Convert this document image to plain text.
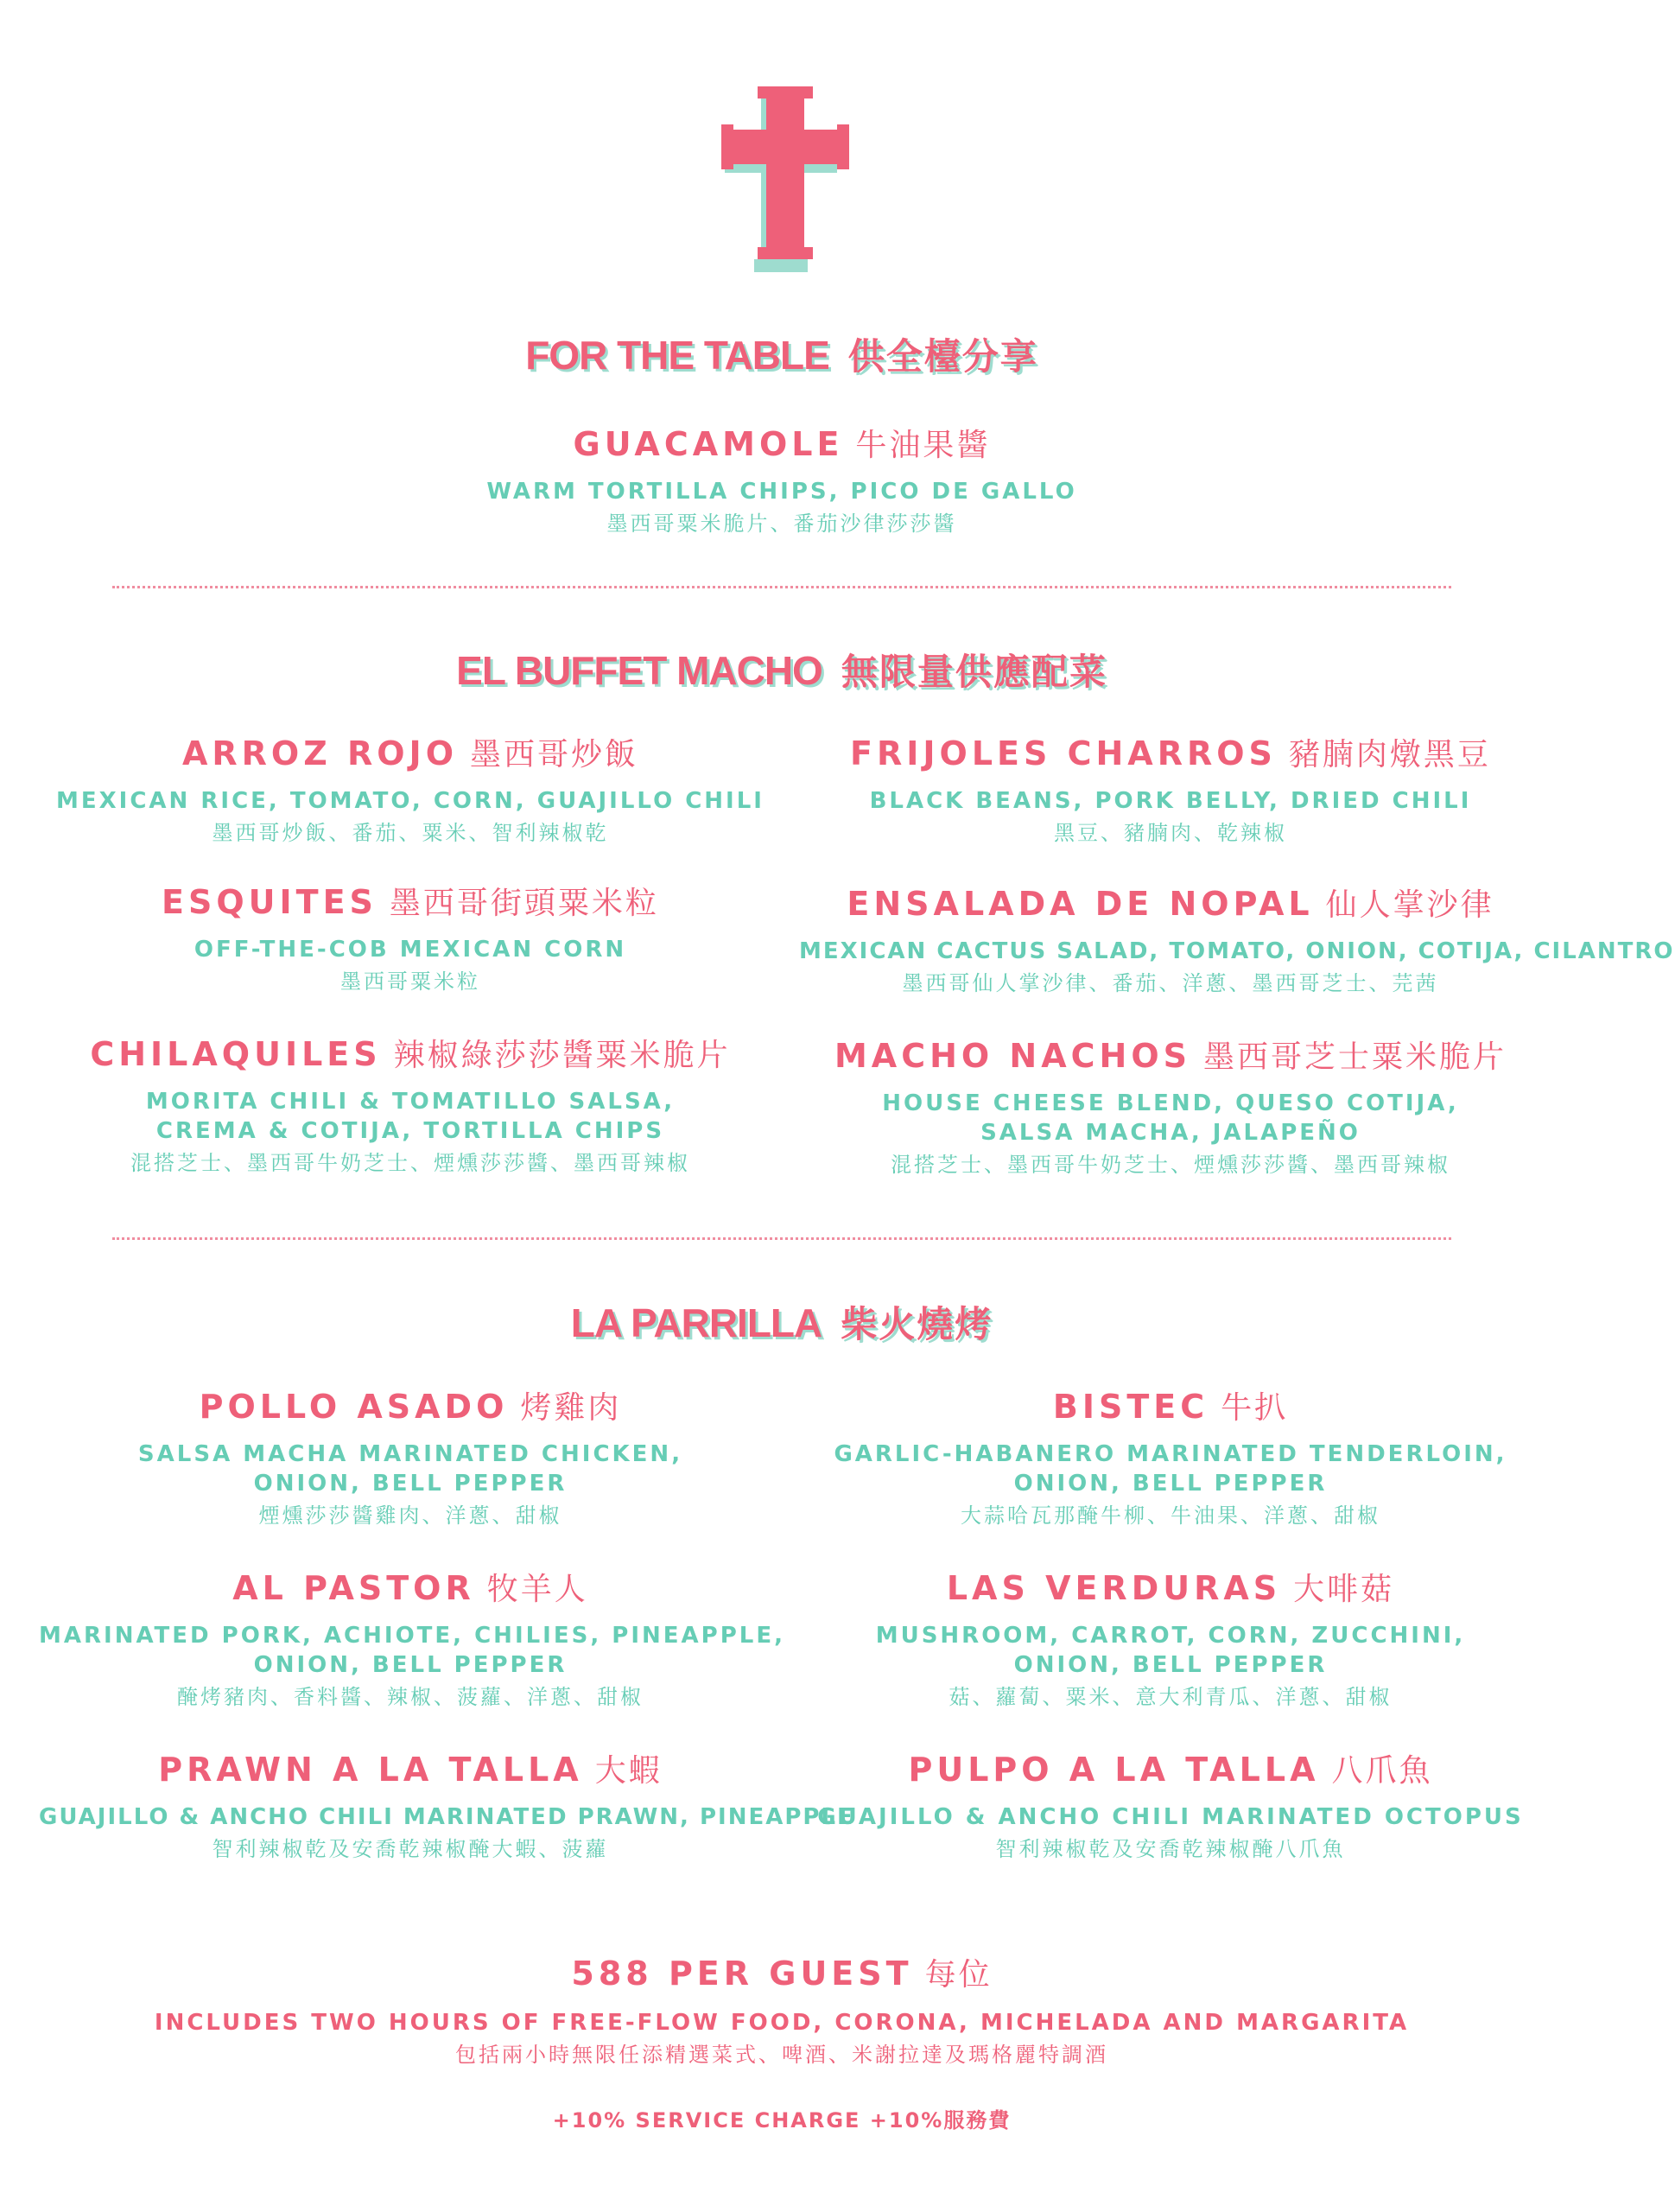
FOR THE TABLE 供全檯分享
GUACAMOLE 牛油果醬
WARM TORTILLA CHIPS, PICO DE GALLO
墨西哥粟米脆片、番茄沙律莎莎醬
EL BUFFET MACHO 無限量供應配菜
ARROZ ROJO 墨西哥炒飯
MEXICAN RICE, TOMATO, CORN, GUAJILLO CHILI
墨西哥炒飯、番茄、粟米、智利辣椒乾
FRIJOLES CHARROS 豬腩肉燉黑豆
BLACK BEANS, PORK BELLY, DRIED CHILI
黑豆、豬腩肉、乾辣椒
ESQUITES 墨西哥街頭粟米粒
OFF-THE-COB MEXICAN CORN
墨西哥粟米粒
ENSALADA DE NOPAL 仙人掌沙律
MEXICAN CACTUS SALAD, TOMATO, ONION, COTIJA, CILANTRO
墨西哥仙人掌沙律、番茄、洋蔥、墨西哥芝士、芫茜
CHILAQUILES 辣椒綠莎莎醬粟米脆片
MORITA CHILI & TOMATILLO SALSA,
CREMA & COTIJA, TORTILLA CHIPS
混搭芝士、墨西哥牛奶芝士、煙燻莎莎醬、墨西哥辣椒
MACHO NACHOS 墨西哥芝士粟米脆片
HOUSE CHEESE BLEND, QUESO COTIJA,
SALSA MACHA, JALAPEÑO
混搭芝士、墨西哥牛奶芝士、煙燻莎莎醬、墨西哥辣椒
LA PARRILLA 柴火燒烤
POLLO ASADO 烤雞肉
SALSA MACHA MARINATED CHICKEN,
ONION, BELL PEPPER
煙燻莎莎醬雞肉、洋蔥、甜椒
BISTEC 牛扒
GARLIC-HABANERO MARINATED TENDERLOIN,
ONION, BELL PEPPER
大蒜哈瓦那醃牛柳、牛油果、洋蔥、甜椒
AL PASTOR 牧羊人
MARINATED PORK, ACHIOTE, CHILIES, PINEAPPLE,
ONION, BELL PEPPER
醃烤豬肉、香料醬、辣椒、菠蘿、洋蔥、甜椒
LAS VERDURAS 大啡菇
MUSHROOM, CARROT, CORN, ZUCCHINI,
ONION, BELL PEPPER
菇、蘿蔔、粟米、意大利青瓜、洋蔥、甜椒
PRAWN A LA TALLA 大蝦
GUAJILLO & ANCHO CHILI MARINATED PRAWN, PINEAPPLE
智利辣椒乾及安喬乾辣椒醃大蝦、菠蘿
PULPO A LA TALLA 八爪魚
GUAJILLO & ANCHO CHILI MARINATED OCTOPUS
智利辣椒乾及安喬乾辣椒醃八爪魚
588 PER GUEST 每位
INCLUDES TWO HOURS OF FREE-FLOW FOOD, CORONA, MICHELADA AND MARGARITA
包括兩小時無限任添精選菜式、啤酒、米謝拉達及瑪格麗特調酒
+10% SERVICE CHARGE +10%服務費
